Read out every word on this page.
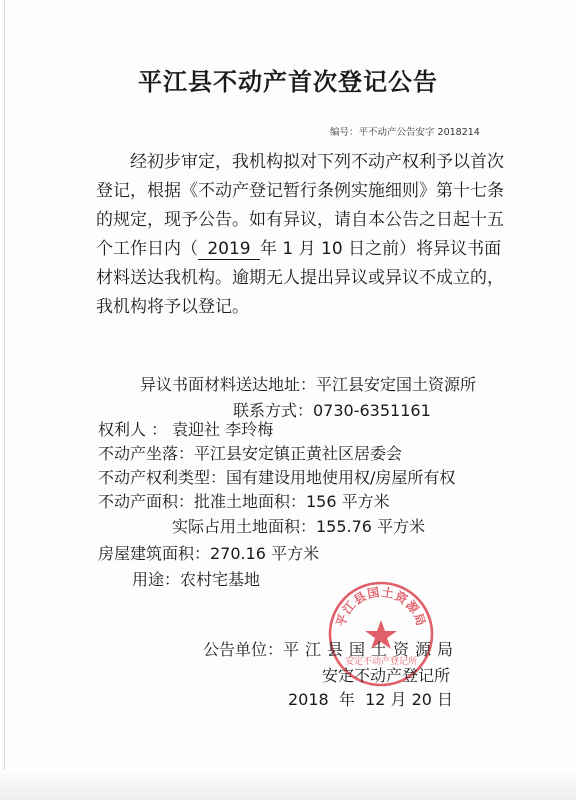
平江县不动产首次登记公告
编号：平不动产公告安字 2018214
经初步审定，我机构拟对下列不动产权利予以首次登记，根据《不动产登记暂行条例实施细则》第十七条的规定，现予公告。如有异议，请自本公告之日起十五个工作日内（ 2019 年 1 月 10 日之前）将异议书面材料送达我机构。逾期无人提出异议或异议不成立的，我机构将予以登记。
异议书面材料送达地址：平江县安定国土资源所
联系方式：0730-6351161
权利人 ： 袁迎社 李玲梅
不动产坐落：平江县安定镇正黄社区居委会
不动产权利类型：国有建设用地使用权/房屋所有权
不动产面积：批准土地面积：156 平方米
实际占用土地面积：155.76 平方米
房屋建筑面积：270.16 平方米
用途：农村宅基地
平江县国土资源局
安定不动产登记所
公告单位：平江县国土资源局
安定不动产登记所
2018  年  12 月 20 日
